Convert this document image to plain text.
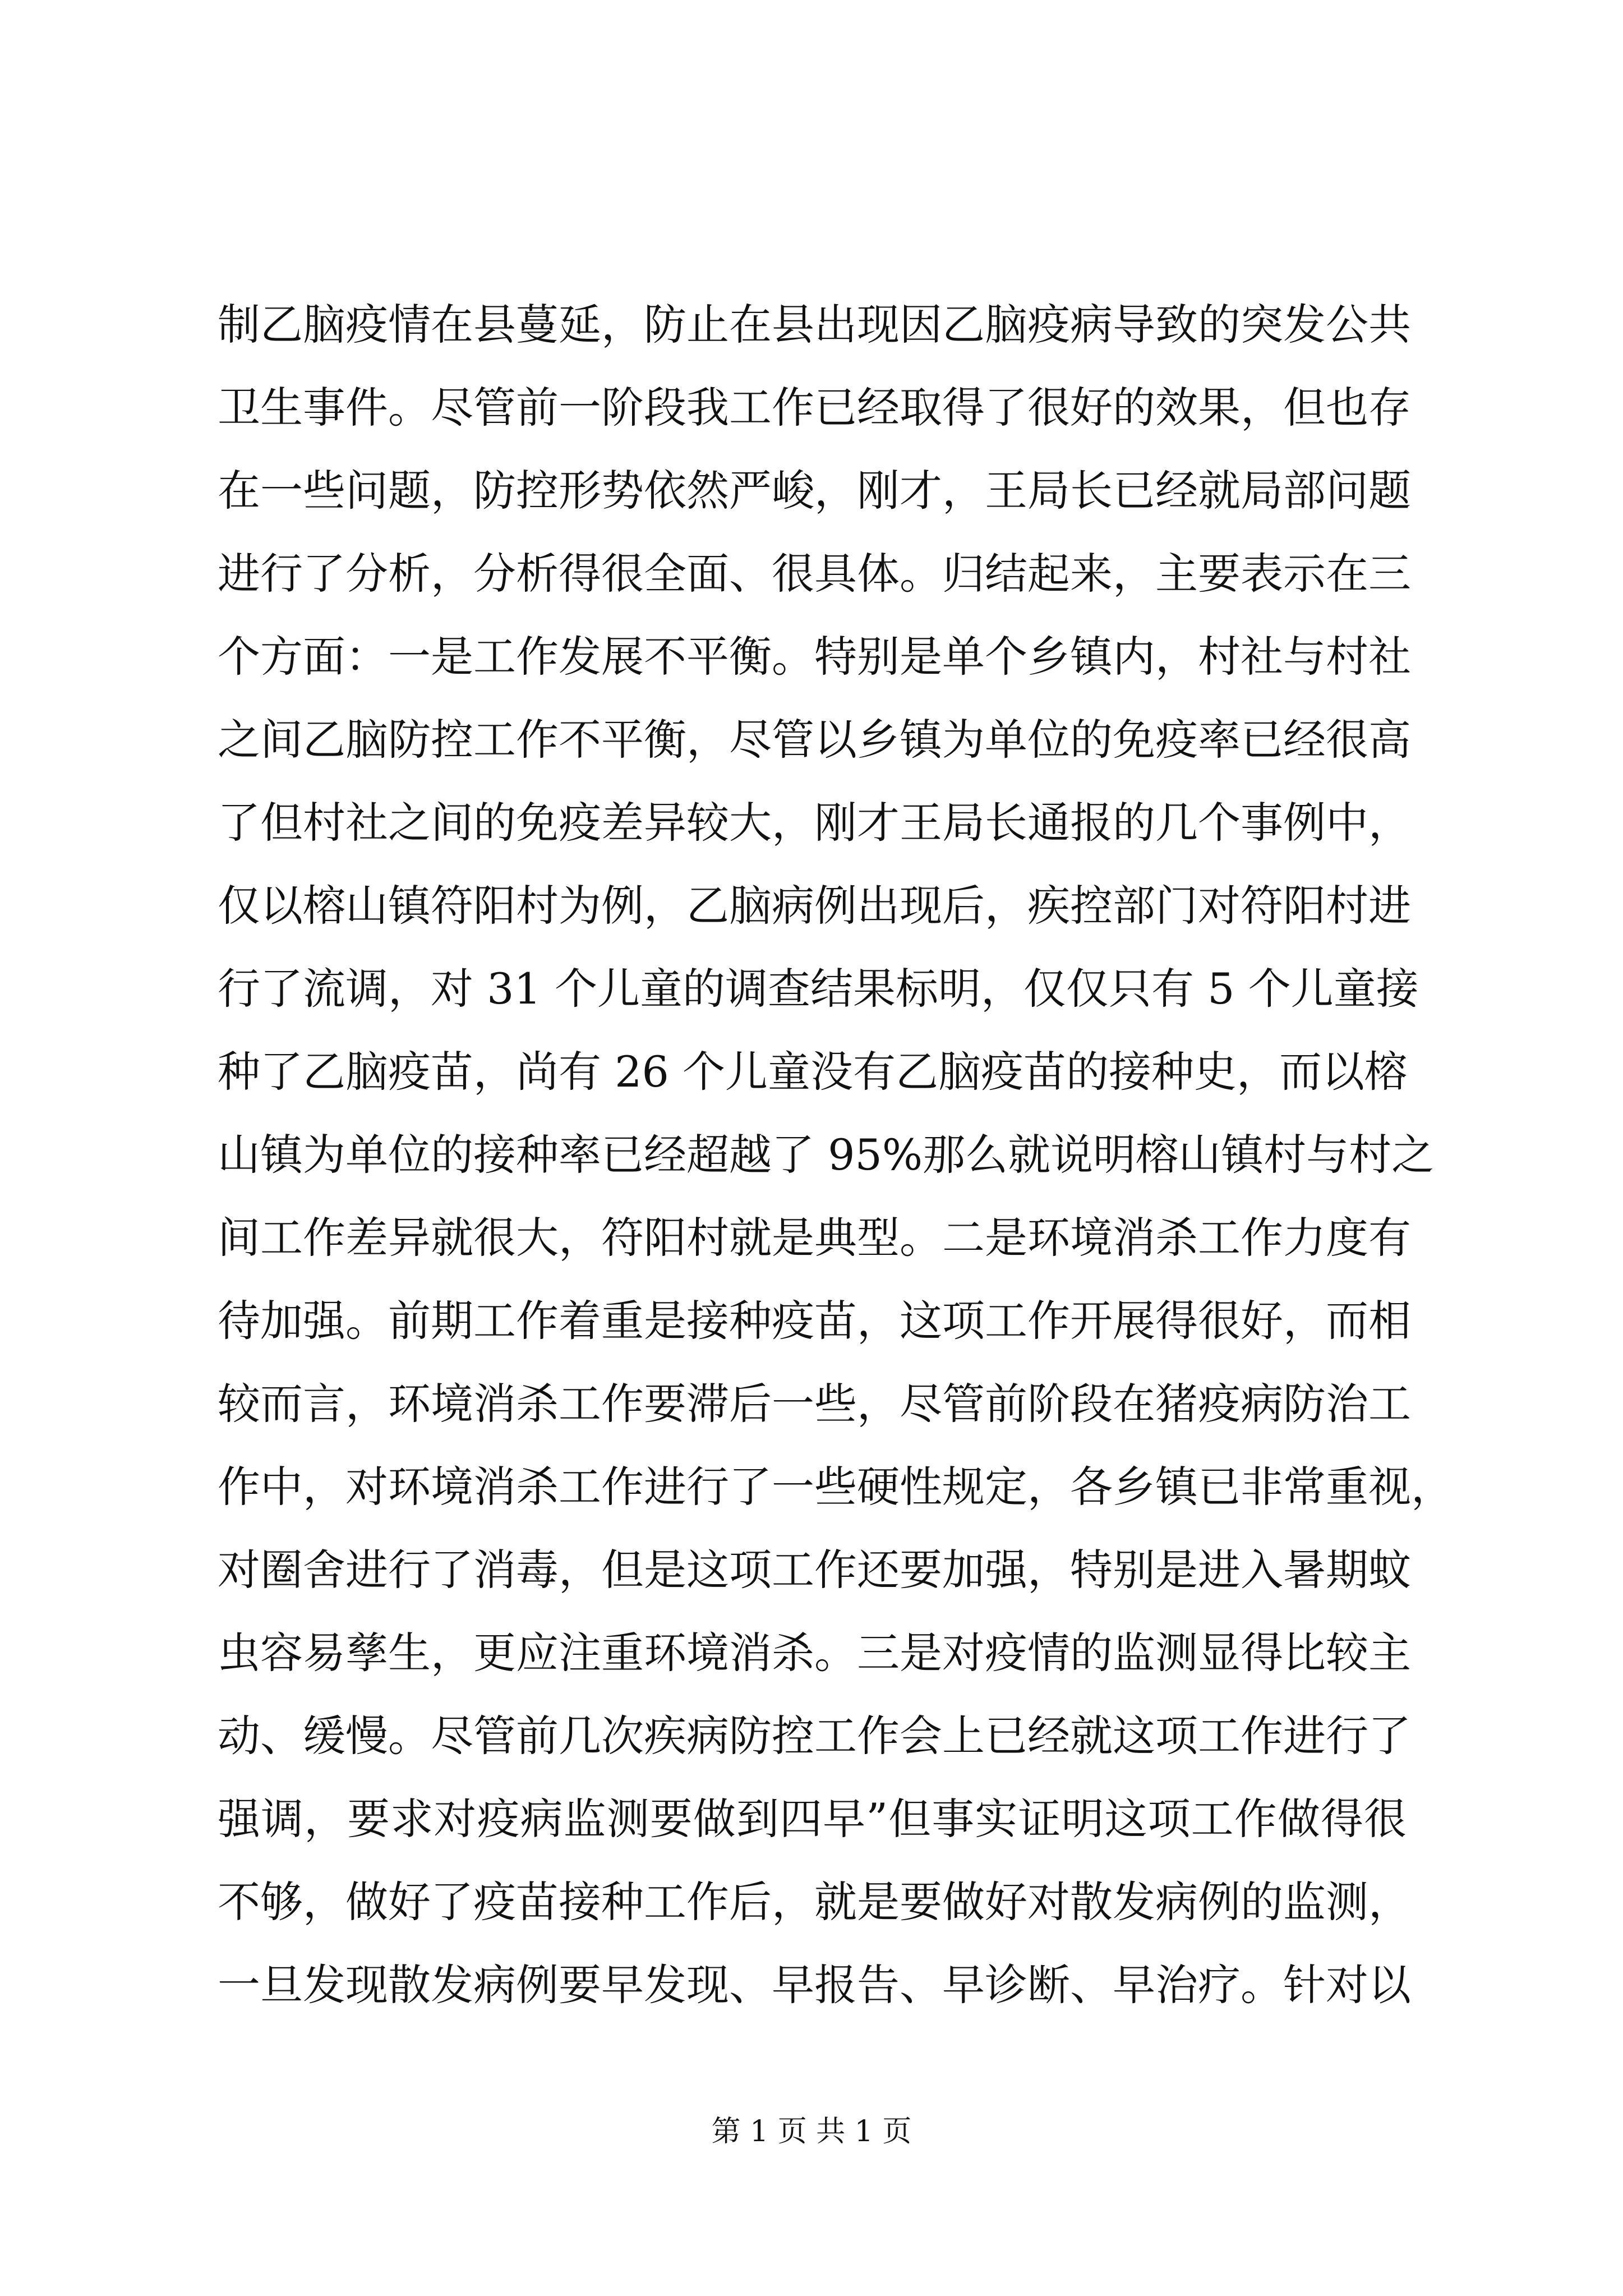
制乙脑疫情在县蔓延，防止在县出现因乙脑疫病导致的突发公共
卫生事件。尽管前一阶段我工作已经取得了很好的效果，但也存
在一些问题，防控形势依然严峻，刚才，王局长已经就局部问题
进行了分析，分析得很全面、很具体。归结起来，主要表示在三
个方面：一是工作发展不平衡。特别是单个乡镇内，村社与村社
之间乙脑防控工作不平衡，尽管以乡镇为单位的免疫率已经很高
了但村社之间的免疫差异较大，刚才王局长通报的几个事例中，
仅以榕山镇符阳村为例，乙脑病例出现后，疾控部门对符阳村进
行了流调，对 31 个儿童的调查结果标明，仅仅只有 5 个儿童接
种了乙脑疫苗，尚有 26 个儿童没有乙脑疫苗的接种史，而以榕
山镇为单位的接种率已经超越了 95%那么就说明榕山镇村与村之
间工作差异就很大，符阳村就是典型。二是环境消杀工作力度有
待加强。前期工作着重是接种疫苗，这项工作开展得很好，而相
较而言，环境消杀工作要滞后一些，尽管前阶段在猪疫病防治工
作中，对环境消杀工作进行了一些硬性规定，各乡镇已非常重视，
对圈舍进行了消毒，但是这项工作还要加强，特别是进入暑期蚊
虫容易孳生，更应注重环境消杀。三是对疫情的监测显得比较主
动、缓慢。尽管前几次疾病防控工作会上已经就这项工作进行了
强调，要求对疫病监测要做到四早”但事实证明这项工作做得很
不够，做好了疫苗接种工作后，就是要做好对散发病例的监测，
一旦发现散发病例要早发现、早报告、早诊断、早治疗。针对以
第 1 页 共 1 页
